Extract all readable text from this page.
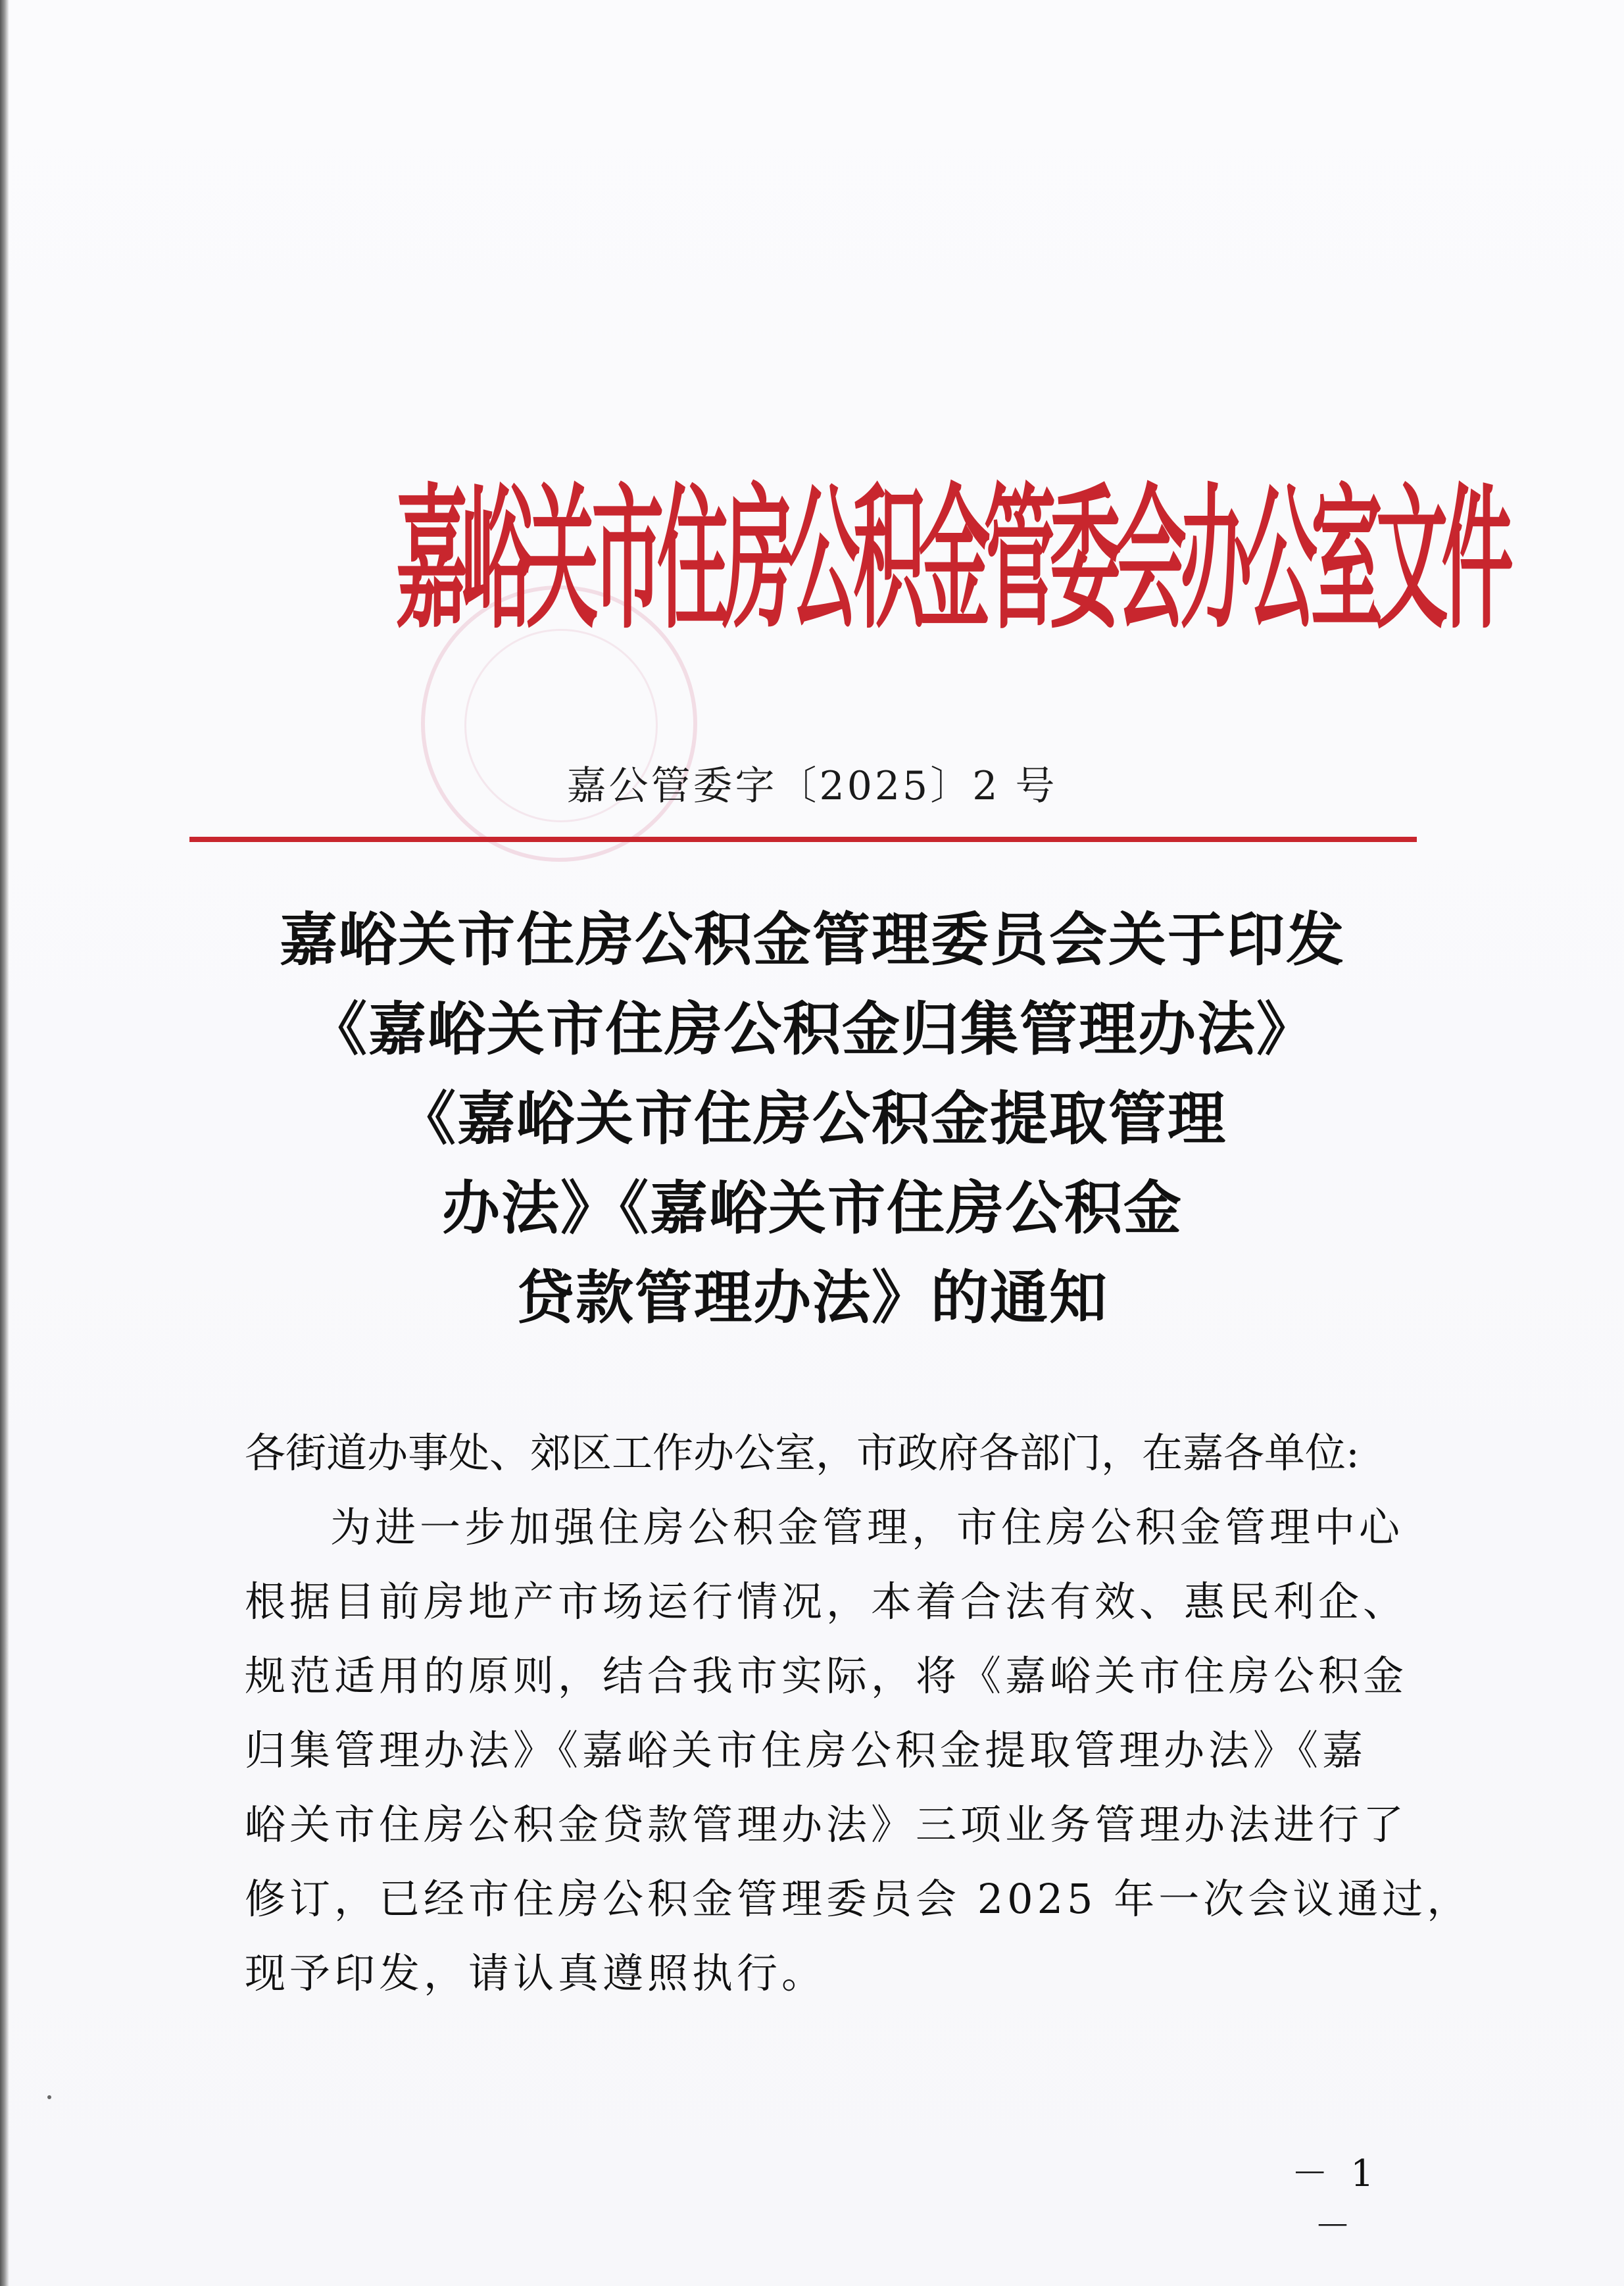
嘉峪关市住房公积金管委会办公室文件
嘉公管委字〔2025〕2 号
嘉峪关市住房公积金管理委员会关于印发
《嘉峪关市住房公积金归集管理办法》
《嘉峪关市住房公积金提取管理
办法》《嘉峪关市住房公积金
贷款管理办法》的通知
各街道办事处、郊区工作办公室，市政府各部门，在嘉各单位:
为进一步加强住房公积金管理，市住房公积金管理中心
根据目前房地产市场运行情况，本着合法有效、惠民利企、
规范适用的原则，结合我市实际，将《嘉峪关市住房公积金
归集管理办法》《嘉峪关市住房公积金提取管理办法》《嘉
峪关市住房公积金贷款管理办法》三项业务管理办法进行了
修订，已经市住房公积金管理委员会 2025 年一次会议通过，
现予印发，请认真遵照执行。
－ 1 －
